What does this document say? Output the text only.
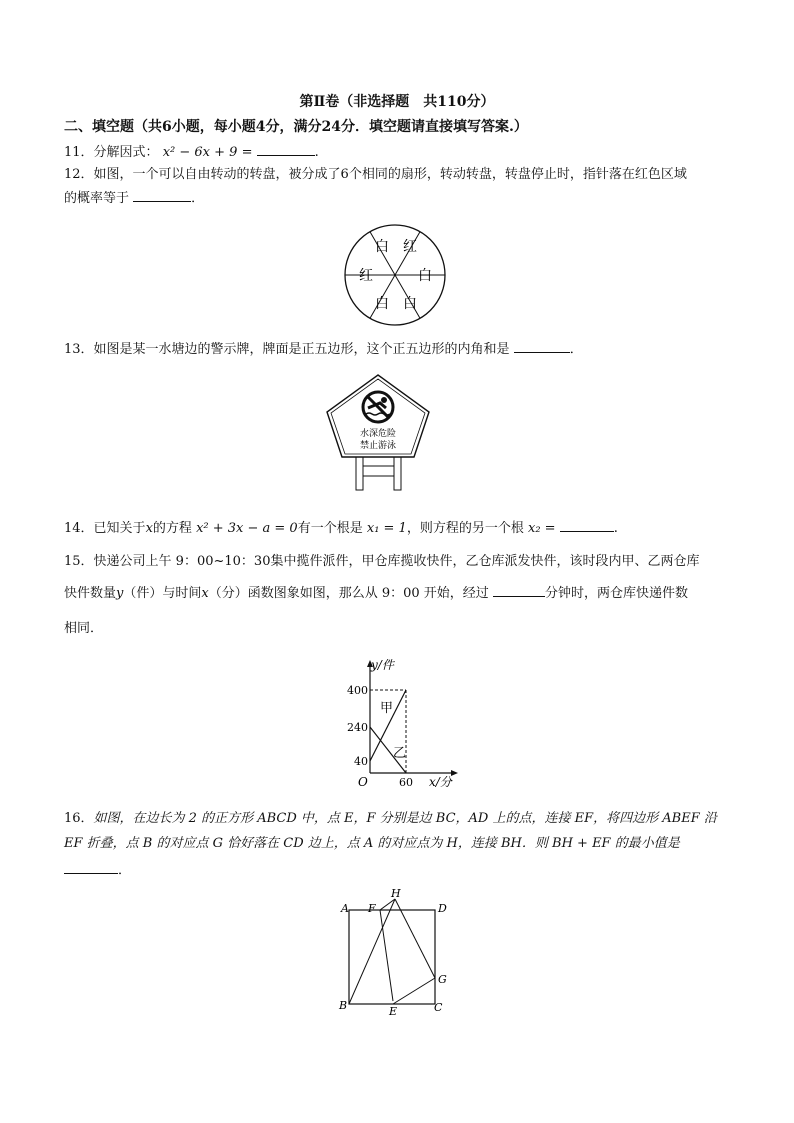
第Ⅱ卷（非选择题　共110分）
二、填空题（共6小题，每小题4分，满分24分．填空题请直接填写答案.）
11．分解因式： x² − 6x + 9 =	.
12．如图，一个可以自由转动的转盘，被分成了6个相同的扇形，转动转盘，转盘停止时，指针落在红色区域
的概率等于	．
白 红
白
白
白
红
13．如图是某一水塘边的警示牌，牌面是正五边形，这个正五边形的内角和是	．
水深危险
禁止游泳
14．已知关于x的方程 x² + 3x − a = 0有一个根是 x₁ = 1，则方程的另一个根 x₂ =	.
15．快递公司上午 9：00~10：30集中揽件派件，甲仓库揽收快件，乙仓库派发快件，该时段内甲、乙两仓库
快件数量y（件）与时间x（分）函数图象如图，那么从 9：00 开始，经过	分钟时，两仓库快递件数
相同．
y/件
x/分
O
400
240
40
60
甲
乙
16．如图，在边长为 2 的正方形 ABCD 中，点 E，F 分别是边 BC，AD 上的点，连接 EF，将四边形 ABEF 沿
EF 折叠，点 B 的对应点 G 恰好落在 CD 边上，点 A 的对应点为 H，连接 BH．则 BH + EF 的最小值是
．
A F
H
D
G
B	E	C
